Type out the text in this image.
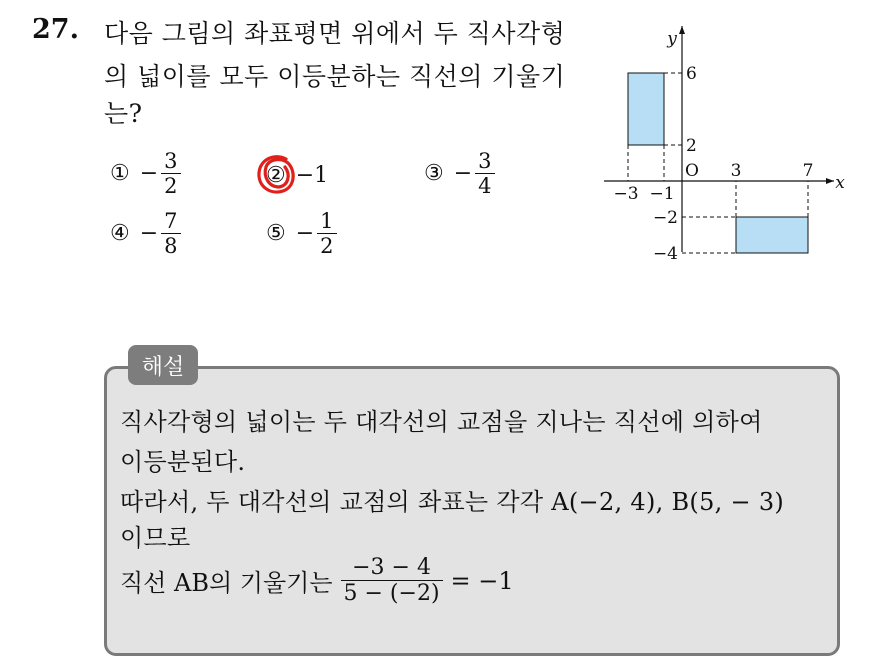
27. 다음 그림의 좌표평면 위에서 두 직사각형
의 넓이를 모두 이등분하는 직선의 기울기
는?
① − $\frac{3}{2}$	② −1	③ − $\frac{3}{4}$
④ − $\frac{7}{8}$	⑤ − $\frac{1}{2}$
x
y
O
−3 −1
3	7
6
2
−2
−4
해설
직사각형의 넓이는 두 대각선의 교점을 지나는 직선에 의하여
이등분된다.
따라서, 두 대각선의 교점의 좌표는 각각 A(−2, 4), B(5, − 3)
이므로
직선 AB의 기울기는 $\frac{-3 - 4}{5 - (-2)} = -1$
